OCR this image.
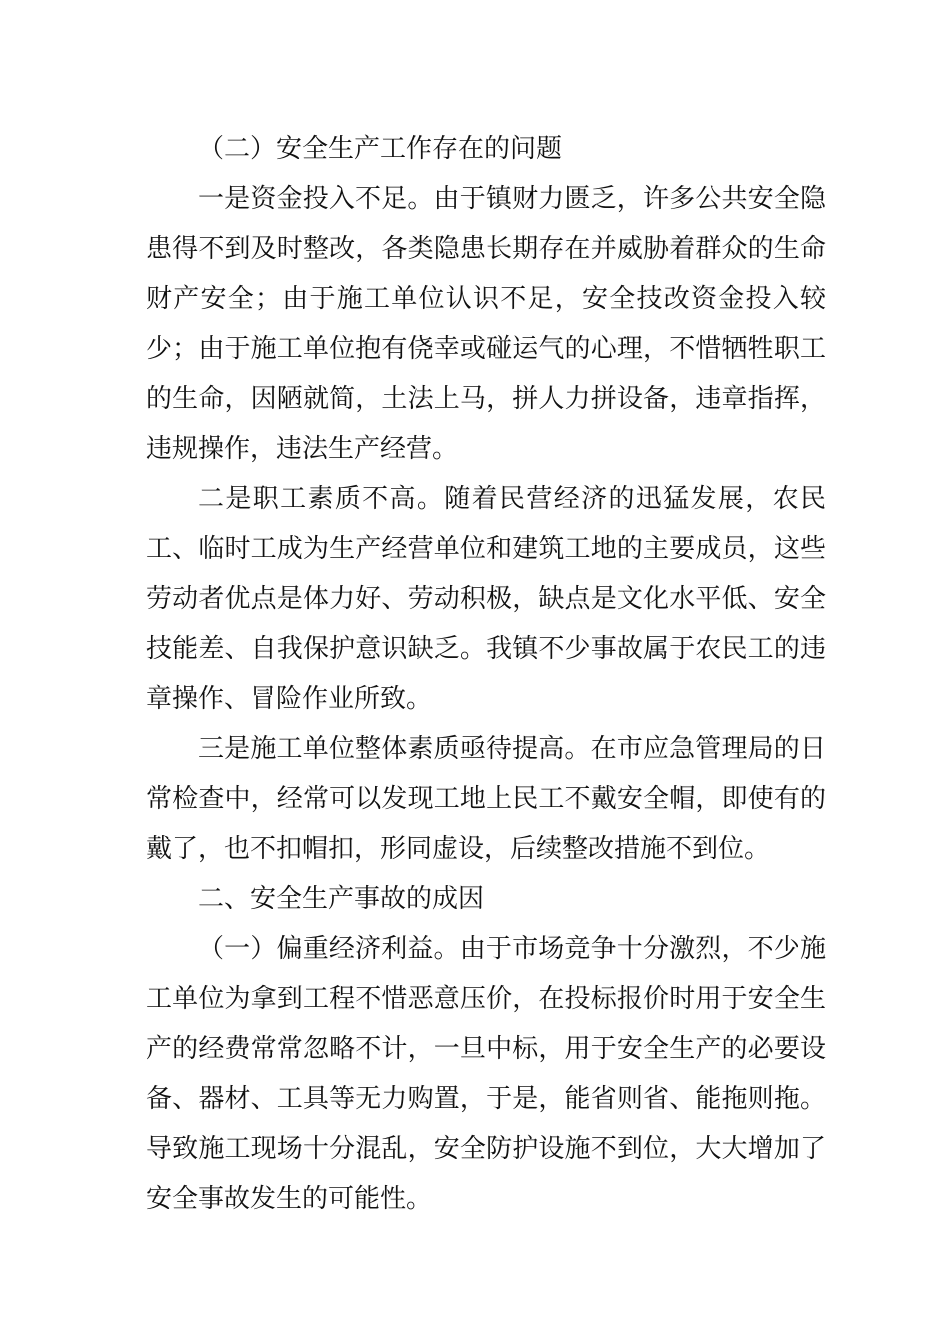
（二）安全生产工作存在的问题

一是资金投入不足。由于镇财力匮乏，许多公共安全隐患得不到及时整改，各类隐患长期存在并威胁着群众的生命财产安全；由于施工单位认识不足，安全技改资金投入较少；由于施工单位抱有侥幸或碰运气的心理，不惜牺牲职工的生命，因陋就简，土法上马，拼人力拼设备，违章指挥，违规操作，违法生产经营。

二是职工素质不高。随着民营经济的迅猛发展，农民工、临时工成为生产经营单位和建筑工地的主要成员，这些劳动者优点是体力好、劳动积极，缺点是文化水平低、安全技能差、自我保护意识缺乏。我镇不少事故属于农民工的违章操作、冒险作业所致。

三是施工单位整体素质亟待提高。在市应急管理局的日常检查中，经常可以发现工地上民工不戴安全帽，即使有的戴了，也不扣帽扣，形同虚设，后续整改措施不到位。

二、安全生产事故的成因

（一）偏重经济利益。由于市场竞争十分激烈，不少施工单位为拿到工程不惜恶意压价，在投标报价时用于安全生产的经费常常忽略不计，一旦中标，用于安全生产的必要设备、器材、工具等无力购置，于是，能省则省、能拖则拖。导致施工现场十分混乱，安全防护设施不到位，大大增加了安全事故发生的可能性。
